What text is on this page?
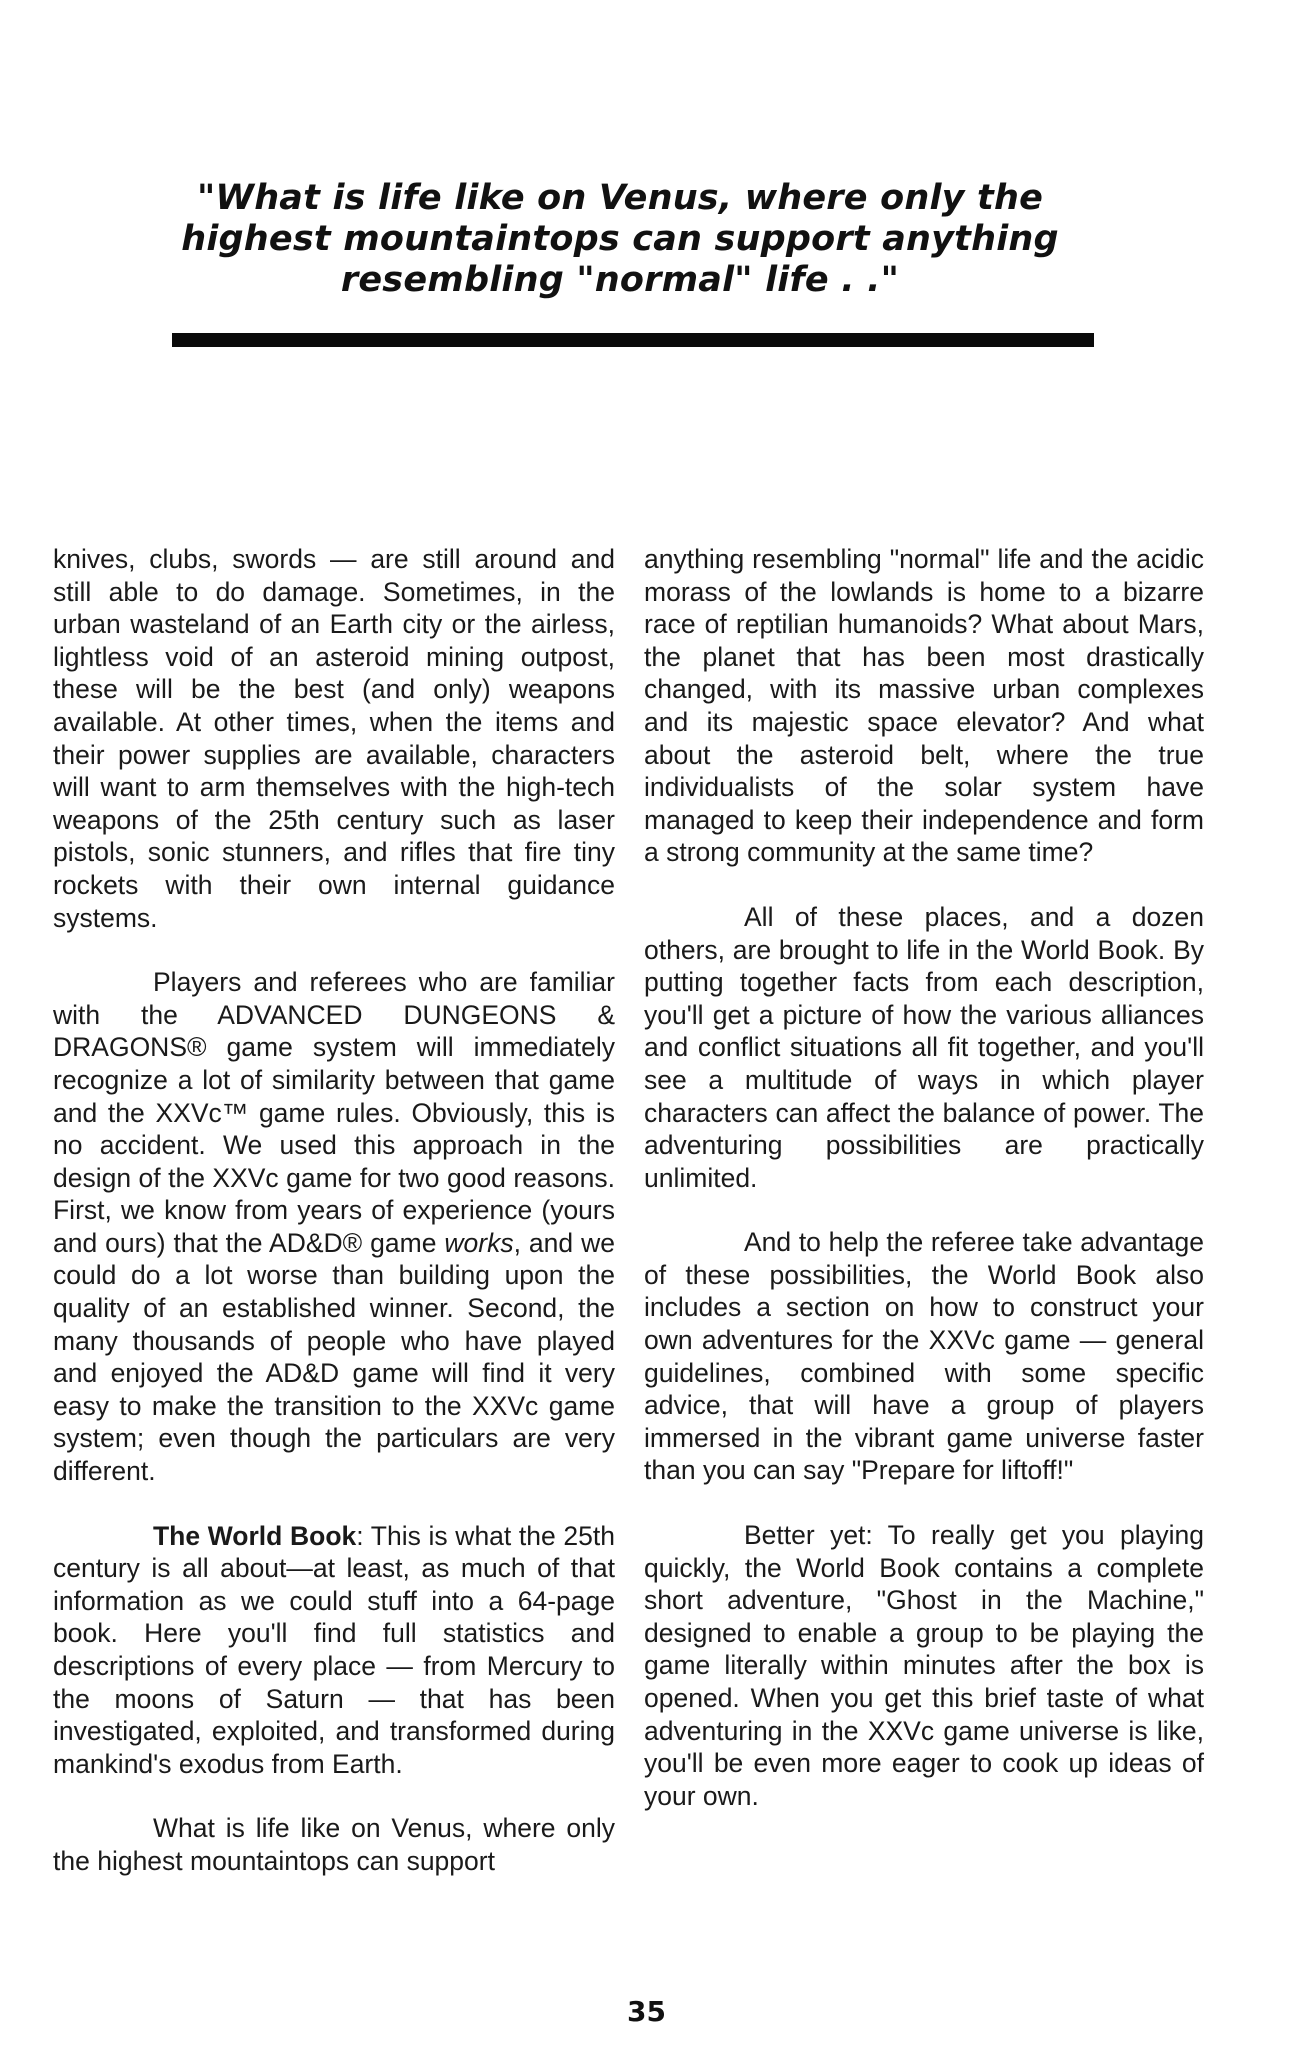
"What is life like on Venus, where only the
highest mountaintops can support anything
resembling "normal" life . ."

knives, clubs, swords — are still around and still able to do damage. Sometimes, in the urban wasteland of an Earth city or the airless, lightless void of an asteroid mining outpost, these will be the best (and only) weapons available. At other times, when the items and their power supplies are available, characters will want to arm themselves with the high-tech weapons of the 25th century such as laser pistols, sonic stunners, and rifles that fire tiny rockets with their own internal guidance systems.

Players and referees who are familiar with the ADVANCED DUNGEONS & DRAGONS® game system will immediately recognize a lot of similarity between that game and the XXVc™ game rules. Obviously, this is no accident. We used this approach in the design of the XXVc game for two good reasons. First, we know from years of experience (yours and ours) that the AD&D® game works, and we could do a lot worse than building upon the quality of an established winner. Second, the many thousands of people who have played and enjoyed the AD&D game will find it very easy to make the transition to the XXVc game system; even though the particulars are very different.

The World Book: This is what the 25th century is all about—at least, as much of that information as we could stuff into a 64-page book. Here you'll find full statistics and descriptions of every place — from Mercury to the moons of Saturn — that has been investigated, exploited, and transformed during mankind's exodus from Earth.

What is life like on Venus, where only the highest mountaintops can support

anything resembling "normal" life and the acidic morass of the lowlands is home to a bizarre race of reptilian humanoids? What about Mars, the planet that has been most drastically changed, with its massive urban complexes and its majestic space elevator? And what about the asteroid belt, where the true individualists of the solar system have managed to keep their independence and form a strong community at the same time?

All of these places, and a dozen others, are brought to life in the World Book. By putting together facts from each description, you'll get a picture of how the various alliances and conflict situations all fit together, and you'll see a multitude of ways in which player characters can affect the balance of power. The adventuring possibilities are practically unlimited.

And to help the referee take advantage of these possibilities, the World Book also includes a section on how to construct your own adventures for the XXVc game — general guidelines, combined with some specific advice, that will have a group of players immersed in the vibrant game universe faster than you can say "Prepare for liftoff!"

Better yet: To really get you playing quickly, the World Book contains a complete short adventure, "Ghost in the Machine," designed to enable a group to be playing the game literally within minutes after the box is opened. When you get this brief taste of what adventuring in the XXVc game universe is like, you'll be even more eager to cook up ideas of your own.

35
